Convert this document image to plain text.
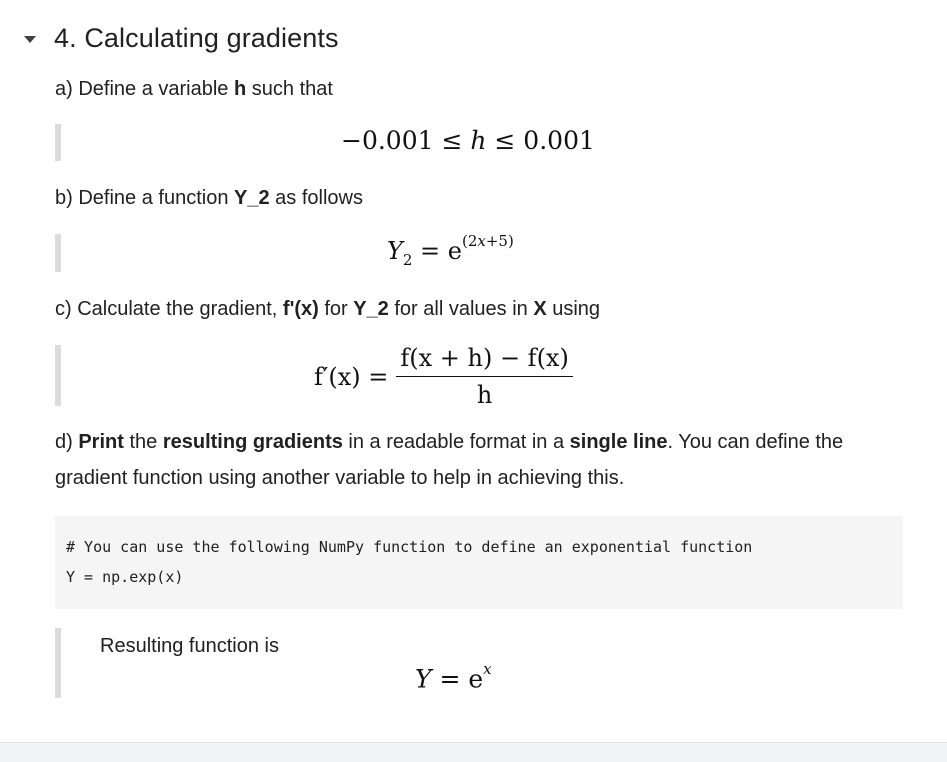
4. Calculating gradients
a) Define a variable h such that
−0.001 ≤ h ≤ 0.001
b) Define a function Y_2 as follows
$Y_2 = e^{(2x+5)}$
c) Calculate the gradient, f'(x) for Y_2 for all values in X using
$f'(x) = \frac{f(x + h) - f(x)}{h}$
d) Print the resulting gradients in a readable format in a single line. You can define the
gradient function using another variable to help in achieving this.
# You can use the following NumPy function to define an exponential function
Y = np.exp(x)
Resulting function is
$Y = e^x$
